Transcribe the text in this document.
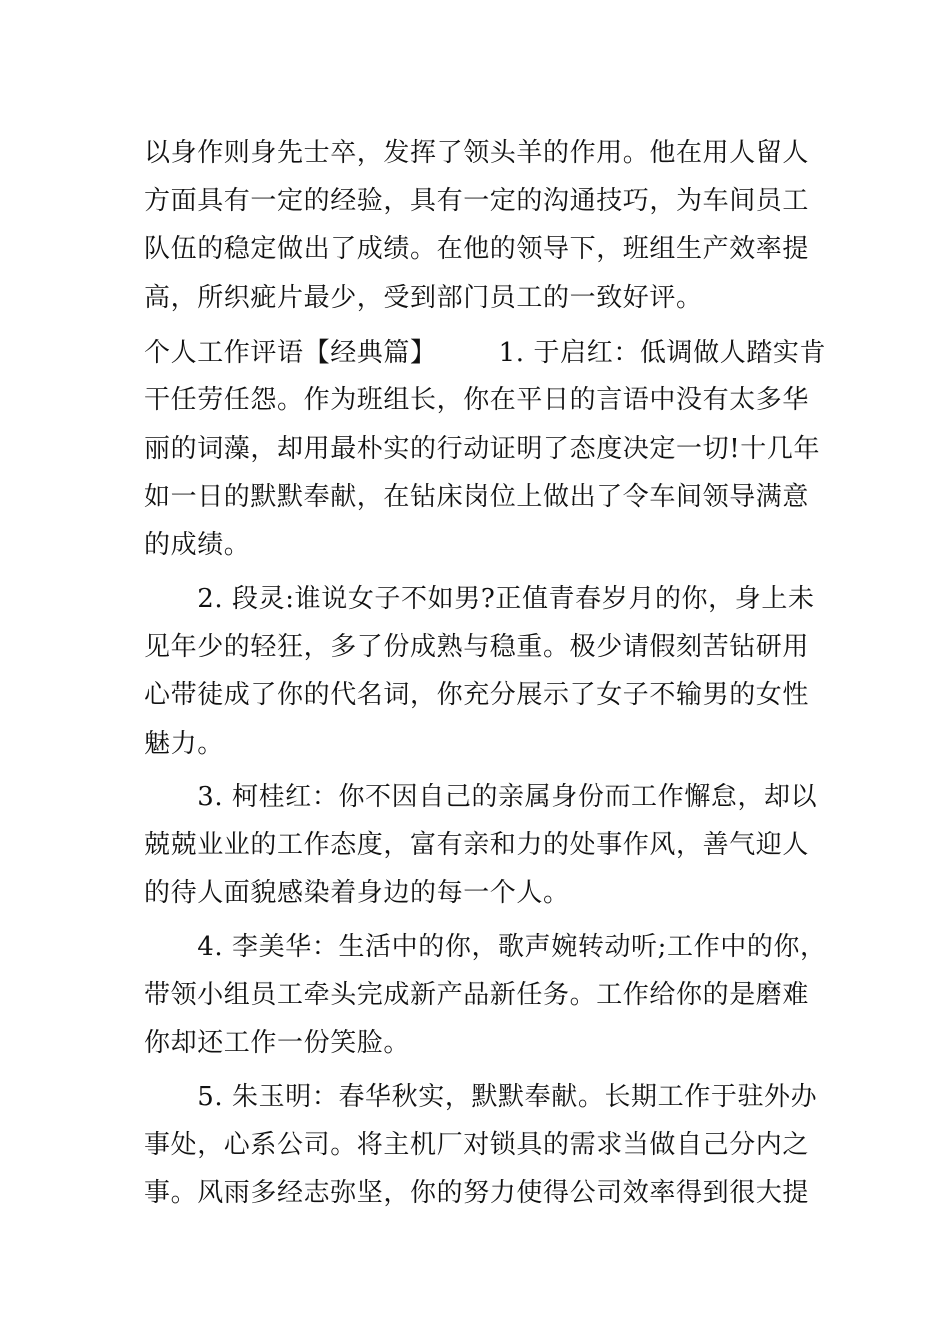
以身作则身先士卒，发挥了领头羊的作用。他在用人留人
方面具有一定的经验，具有一定的沟通技巧，为车间员工
队伍的稳定做出了成绩。在他的领导下，班组生产效率提
高，所织疵片最少，受到部门员工的一致好评。
个人工作评语【经典篇】       1. 于启红：低调做人踏实肯
干任劳任怨。作为班组长，你在平日的言语中没有太多华
丽的词藻，却用最朴实的行动证明了态度决定一切!十几年
如一日的默默奉献，在钻床岗位上做出了令车间领导满意
的成绩。
2. 段灵:谁说女子不如男?正值青春岁月的你，身上未
见年少的轻狂，多了份成熟与稳重。极少请假刻苦钻研用
心带徒成了你的代名词，你充分展示了女子不输男的女性
魅力。
3. 柯桂红：你不因自己的亲属身份而工作懈怠，却以
兢兢业业的工作态度，富有亲和力的处事作风，善气迎人
的待人面貌感染着身边的每一个人。
4. 李美华：生活中的你，歌声婉转动听;工作中的你，
带领小组员工牵头完成新产品新任务。工作给你的是磨难
你却还工作一份笑脸。
5. 朱玉明：春华秋实，默默奉献。长期工作于驻外办
事处，心系公司。将主机厂对锁具的需求当做自己分内之
事。风雨多经志弥坚，你的努力使得公司效率得到很大提
